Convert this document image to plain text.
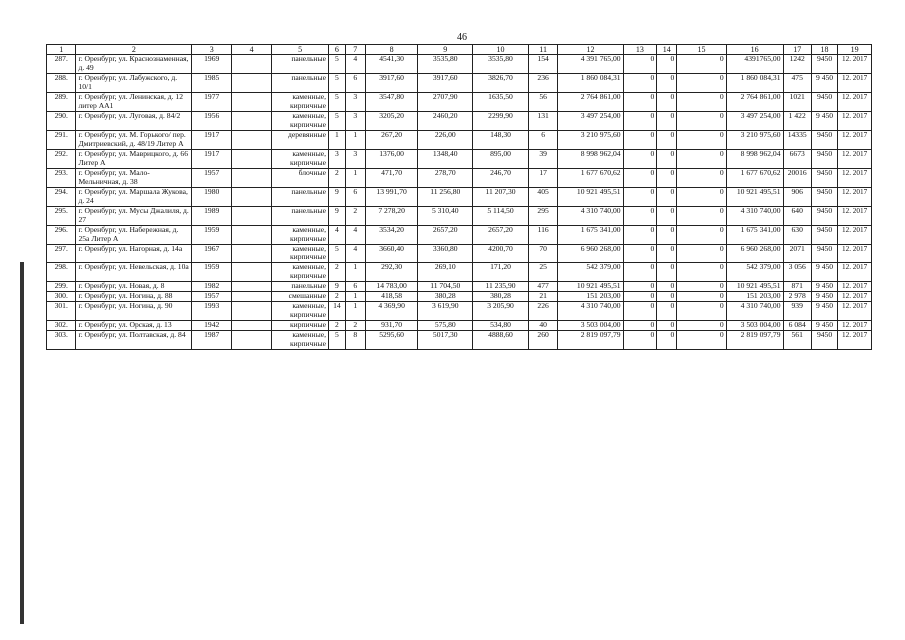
46
1	2	3	4	5	6	7	8	9	10	11	12	13	14	15	16	17	18	19
287.	г. Оренбург, ул. Краснознаменная, д. 49	1969		панельные	5	4	4541,30	3535,80	3535,80	154	4 391 765,00	0	0	0	4391765,00	1242	9450	12. 2017
288.	г. Оренбург, ул. Лабужского, д. 10/1	1985		панельные	5	6	3917,60	3917,60	3826,70	236	1 860 084,31	0	0	0	1 860 084,31	475	9 450	12. 2017
289.	г. Оренбург, ул. Ленинская, д. 12 литер АА1	1977		каменные, кирпичные	5	3	3547,80	2707,90	1635,50	56	2 764 861,00	0	0	0	2 764 861,00	1021	9450	12. 2017
290.	г. Оренбург, ул. Луговая, д. 84/2	1956		каменные, кирпичные	5	3	3205,20	2460,20	2299,90	131	3 497 254,00	0	0	0	3 497 254,00	1 422	9 450	12. 2017
291.	г. Оренбург, ул. М. Горького/ пер. Дмитриевский, д. 48/19 Литер А	1917		деревянные	1	1	267,20	226,00	148,30	6	3 210 975,60	0	0	0	3 210 975,60	14335	9450	12. 2017
292.	г. Оренбург, ул. Маврицкого, д. 66 Литер А	1917		каменные, кирпичные	3	3	1376,00	1348,40	895,00	39	8 998 962,04	0	0	0	8 998 962,04	6673	9450	12. 2017
293.	г. Оренбург, ул. Мало-Мельничная, д. 38	1957		блочные	2	1	471,70	278,70	246,70	17	1 677 670,62	0	0	0	1 677 670,62	20016	9450	12. 2017
294.	г. Оренбург, ул. Маршала Жукова, д. 24	1980		панельные	9	6	13 991,70	11 256,80	11 207,30	405	10 921 495,51	0	0	0	10 921 495,51	906	9450	12. 2017
295.	г. Оренбург, ул. Мусы Джалиля, д. 27	1989		панельные	9	2	7 278,20	5 310,40	5 114,50	295	4 310 740,00	0	0	0	4 310 740,00	640	9450	12. 2017
296.	г. Оренбург, ул. Набережная, д. 25а Литер А	1959		каменные, кирпичные	4	4	3534,20	2657,20	2657,20	116	1 675 341,00	0	0	0	1 675 341,00	630	9450	12. 2017
297.	г. Оренбург, ул. Нагорная, д. 14а	1967		каменные, кирпичные	5	4	3660,40	3360,80	4200,70	70	6 960 268,00	0	0	0	6 960 268,00	2071	9450	12. 2017
298.	г. Оренбург, ул. Невельская, д. 10а	1959		каменные, кирпичные	2	1	292,30	269,10	171,20	25	542 379,00	0	0	0	542 379,00	3 056	9 450	12. 2017
299.	г. Оренбург, ул. Новая, д. 8	1982		панельные	9	6	14 783,00	11 704,50	11 235,90	477	10 921 495,51	0	0	0	10 921 495,51	871	9 450	12. 2017
300.	г. Оренбург, ул. Ногина, д. 88	1957		смешанные	2	1	418,58	380,28	380,28	21	151 203,00	0	0	0	151 203,00	2 978	9 450	12. 2017
301.	г. Оренбург, ул. Ногина, д. 90	1993		каменные, кирпичные	14	1	4 369,90	3 619,90	3 205,90	226	4 310 740,00	0	0	0	4 310 740,00	939	9 450	12. 2017
302.	г. Оренбург, ул. Орская, д. 13	1942		кирпичные	2	2	931,70	575,80	534,80	40	3 503 004,00	0	0	0	3 503 004,00	6 084	9 450	12. 2017
303.	г. Оренбург, ул. Полтавская, д. 84	1987		каменные, кирпичные	5	8	5295,60	5017,30	4888,60	260	2 819 097,79	0	0	0	2 819 097,79	561	9450	12. 2017
